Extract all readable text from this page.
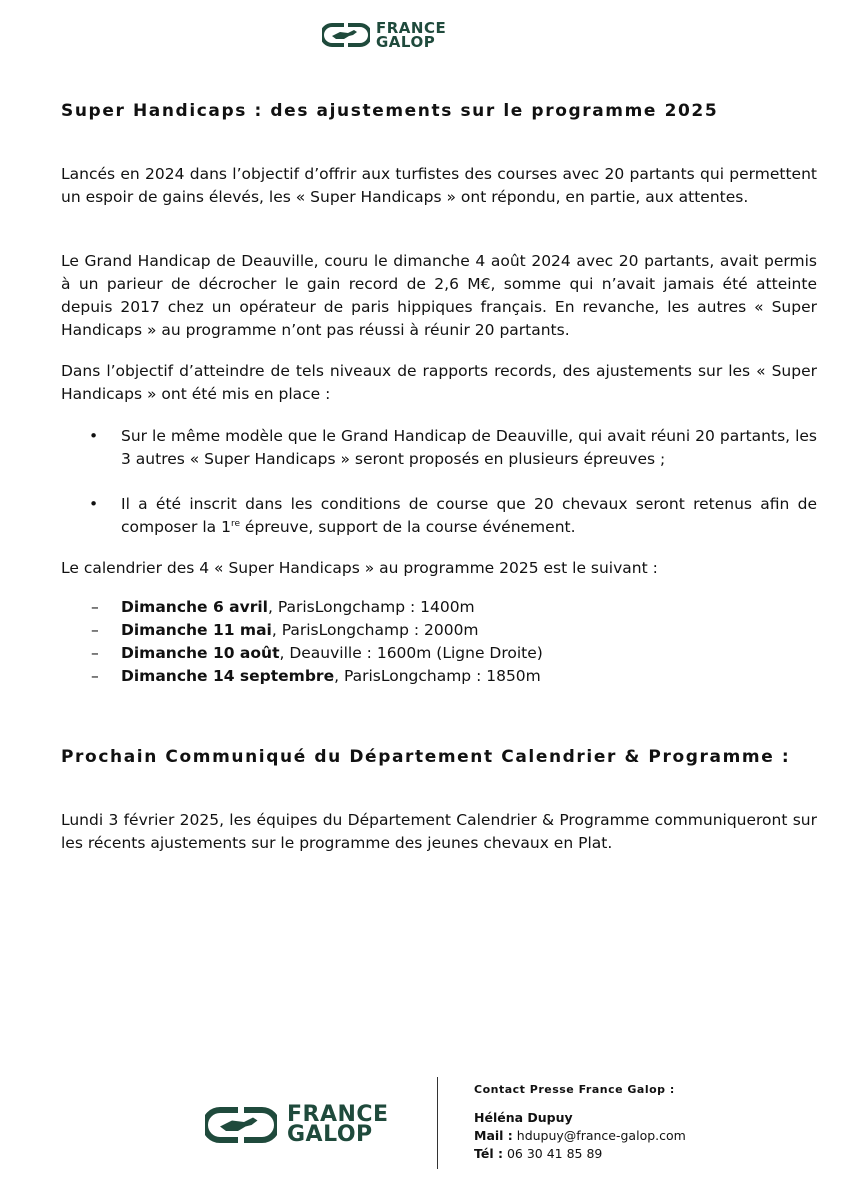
FRANCE
GALOP
Super Handicaps : des ajustements sur le programme 2025

Lancés en 2024 dans l’objectif d’offrir aux turfistes des courses avec 20 partants qui permettent un espoir de gains élevés, les « Super Handicaps » ont répondu, en partie, aux attentes.

Le Grand Handicap de Deauville, couru le dimanche 4 août 2024 avec 20 partants, avait permis à un parieur de décrocher le gain record de 2,6 M€, somme qui n’avait jamais été atteinte depuis 2017 chez un opérateur de paris hippiques français. En revanche, les autres « Super Handicaps » au programme n’ont pas réussi à réunir 20 partants.

Dans l’objectif d’atteindre de tels niveaux de rapports records, des ajustements sur les « Super Handicaps » ont été mis en place :

• Sur le même modèle que le Grand Handicap de Deauville, qui avait réuni 20 partants, les 3 autres « Super Handicaps » seront proposés en plusieurs épreuves ;
• Il a été inscrit dans les conditions de course que 20 chevaux seront retenus afin de composer la 1re épreuve, support de la course événement.

Le calendrier des 4 « Super Handicaps » au programme 2025 est le suivant :

– Dimanche 6 avril, ParisLongchamp : 1400m
– Dimanche 11 mai, ParisLongchamp : 2000m
– Dimanche 10 août, Deauville : 1600m (Ligne Droite)
– Dimanche 14 septembre, ParisLongchamp : 1850m
Prochain Communiqué du Département Calendrier & Programme :

Lundi 3 février 2025, les équipes du Département Calendrier & Programme communiqueront sur les récents ajustements sur le programme des jeunes chevaux en Plat.

FRANCE
GALOP
Contact Presse France Galop :
Héléna Dupuy
Mail : hdupuy@france-galop.com
Tél : 06 30 41 85 89
